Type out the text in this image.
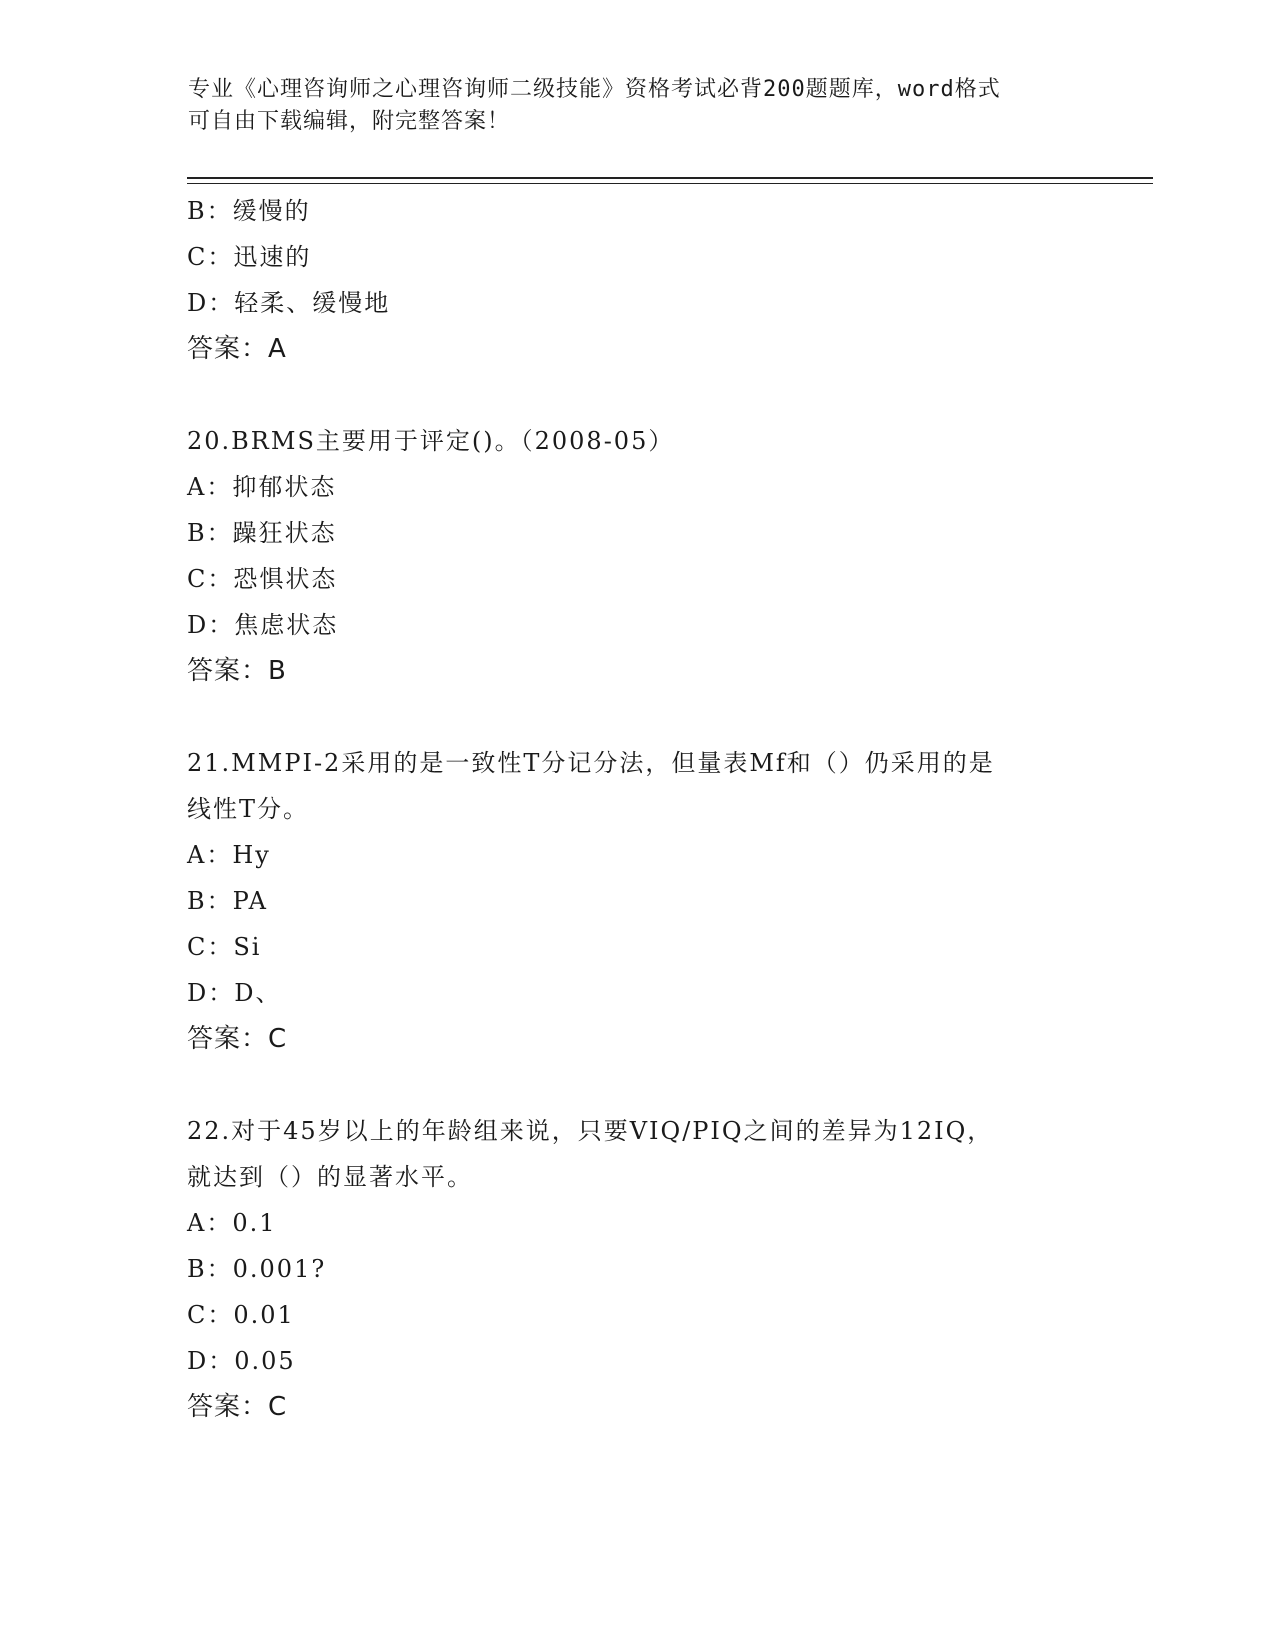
专业《心理咨询师之心理咨询师二级技能》资格考试必背200题题库，word格式
可自由下载编辑，附完整答案！
B：缓慢的
C：迅速的
D：轻柔、缓慢地
答案：A
20.BRMS主要用于评定()。（2008-05）
A：抑郁状态
B：躁狂状态
C：恐惧状态
D：焦虑状态
答案：B
21.MMPI-2采用的是一致性T分记分法，但量表Mf和（）仍采用的是
线性T分。
A：Hy
B：PA
C：Si
D：D、
答案：C
22.对于45岁以上的年龄组来说，只要VIQ/PIQ之间的差异为12IQ，
就达到（）的显著水平。
A：0.1
B：0.001?
C：0.01
D：0.05
答案：C
